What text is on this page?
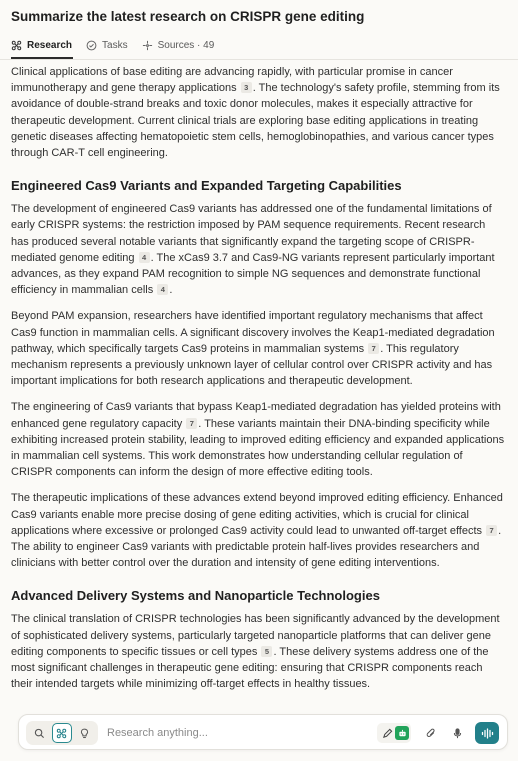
Summarize the latest research on CRISPR gene editing
Research	Tasks	Sources · 49

Clinical applications of base editing are advancing rapidly, with particular promise in cancer immunotherapy and gene therapy applications 3 . The technology's safety profile, stemming from its avoidance of double-strand breaks and toxic donor molecules, makes it especially attractive for therapeutic development. Current clinical trials are exploring base editing applications in treating genetic diseases affecting hematopoietic stem cells, hemoglobinopathies, and various cancer types through CAR-T cell engineering.

Engineered Cas9 Variants and Expanded Targeting Capabilities

The development of engineered Cas9 variants has addressed one of the fundamental limitations of early CRISPR systems: the restriction imposed by PAM sequence requirements. Recent research has produced several notable variants that significantly expand the targeting scope of CRISPR-mediated genome editing 4 . The xCas9 3.7 and Cas9-NG variants represent particularly important advances, as they expand PAM recognition to simple NG sequences and demonstrate functional efficiency in mammalian cells 4 .

Beyond PAM expansion, researchers have identified important regulatory mechanisms that affect Cas9 function in mammalian cells. A significant discovery involves the Keap1-mediated degradation pathway, which specifically targets Cas9 proteins in mammalian systems 7 . This regulatory mechanism represents a previously unknown layer of cellular control over CRISPR activity and has important implications for both research applications and therapeutic development.

The engineering of Cas9 variants that bypass Keap1-mediated degradation has yielded proteins with enhanced gene regulatory capacity 7 . These variants maintain their DNA-binding specificity while exhibiting increased protein stability, leading to improved editing efficiency and expanded applications in mammalian cell systems. This work demonstrates how understanding cellular regulation of CRISPR components can inform the design of more effective editing tools.

The therapeutic implications of these advances extend beyond improved editing efficiency. Enhanced Cas9 variants enable more precise dosing of gene editing activities, which is crucial for clinical applications where excessive or prolonged Cas9 activity could lead to unwanted off-target effects 7 . The ability to engineer Cas9 variants with predictable protein half-lives provides researchers and clinicians with better control over the duration and intensity of gene editing interventions.

Advanced Delivery Systems and Nanoparticle Technologies

The clinical translation of CRISPR technologies has been significantly advanced by the development of sophisticated delivery systems, particularly targeted nanoparticle platforms that can deliver gene editing components to specific tissues or cell types 5 . These delivery systems address one of the most significant challenges in therapeutic gene editing: ensuring that CRISPR components reach their intended targets while minimizing off-target effects in healthy tissues.

Research anything...
